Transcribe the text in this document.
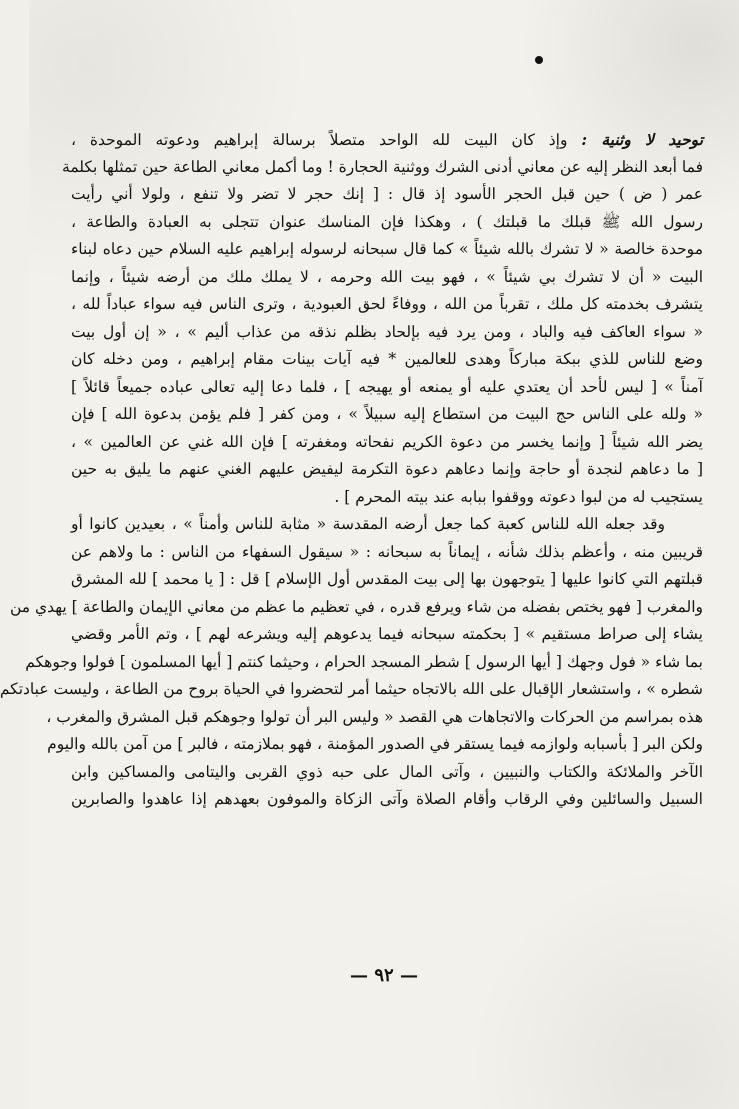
توحيد لا وثنية : وإذ كان البيت لله الواحد متصلاً برسالة إبراهيم ودعوته الموحدة ،
فما أبعد النظر إليه عن معاني أدنى الشرك ووثنية الحجارة ! وما أكمل معاني الطاعة حين تمثلها بكلمة
عمر ( ض ) حين قبل الحجر الأسود إذ قال : [ إنك حجر لا تضر ولا تنفع ، ولولا أني رأيت
رسول الله ﷺ قبلك ما قبلتك ) ، وهكذا فإن المناسك عنوان تتجلى به العبادة والطاعة ،
موحدة خالصة « لا تشرك بالله شيئاً » كما قال سبحانه لرسوله إبراهيم عليه السلام حين دعاه لبناء
البيت « أن لا تشرك بي شيئاً » ، فهو بيت الله وحرمه ، لا يملك ملك من أرضه شيئاً ، وإنما
يتشرف بخدمته كل ملك ، تقرباً من الله ، ووفاءً لحق العبودية ، وترى الناس فيه سواء عباداً لله ،
« سواء العاكف فيه والباد ، ومن يرد فيه بإلحاد بظلم نذقه من عذاب أليم » ، « إن أول بيت
وضع للناس للذي ببكة مباركاً وهدى للعالمين * فيه آيات بينات مقام إبراهيم ، ومن دخله كان
آمناً » [ ليس لأحد أن يعتدي عليه أو يمنعه أو يهيجه ] ، فلما دعا إليه تعالى عباده جميعاً قائلاً ]
« ولله على الناس حج البيت من استطاع إليه سبيلاً » ، ومن كفر [ فلم يؤمن بدعوة الله ] فإن
يضر الله شيئاً [ وإنما يخسر من دعوة الكريم نفحاته ومغفرته ] فإن الله غني عن العالمين » ،
[ ما دعاهم لنجدة أو حاجة وإنما دعاهم دعوة التكرمة ليفيض عليهم الغني عنهم ما يليق به حين
يستجيب له من لبوا دعوته ووقفوا ببابه عند بيته المحرم ] .
وقد جعله الله للناس كعبة كما جعل أرضه المقدسة « مثابة للناس وأمناً » ، بعيدين كانوا أو
قريبين منه ، وأعظم بذلك شأنه ، إيماناً به سبحانه : « سيقول السفهاء من الناس : ما ولاهم عن
قبلتهم التي كانوا عليها [ يتوجهون بها إلى بيت المقدس أول الإسلام ] قل : [ يا محمد ] لله المشرق
والمغرب [ فهو يختص بفضله من شاء ويرفع قدره ، في تعظيم ما عظم من معاني الإيمان والطاعة ] يهدي من
يشاء إلى صراط مستقيم » [ بحكمته سبحانه فيما يدعوهم إليه ويشرعه لهم ] ، وتم الأمر وقضي
بما شاء « فول وجهك [ أيها الرسول ] شطر المسجد الحرام ، وحيثما كنتم [ أيها المسلمون ] فولوا وجوهكم
شطره » ، واستشعار الإقبال على الله بالاتجاه حيثما أمر لتحضروا في الحياة بروح من الطاعة ، وليست عبادتكم
هذه بمراسم من الحركات والاتجاهات هي القصد « وليس البر أن تولوا وجوهكم قبل المشرق والمغرب ،
ولكن البر [ بأسبابه ولوازمه فيما يستقر في الصدور المؤمنة ، فهو بملازمته ، فالبر ] من آمن بالله واليوم
الآخر والملائكة والكتاب والنبيين ، وآتى المال على حبه ذوي القربى واليتامى والمساكين وابن
السبيل والسائلين وفي الرقاب وأقام الصلاة وآتى الزكاة والموفون بعهدهم إذا عاهدوا والصابرين
— ٩٢ —
